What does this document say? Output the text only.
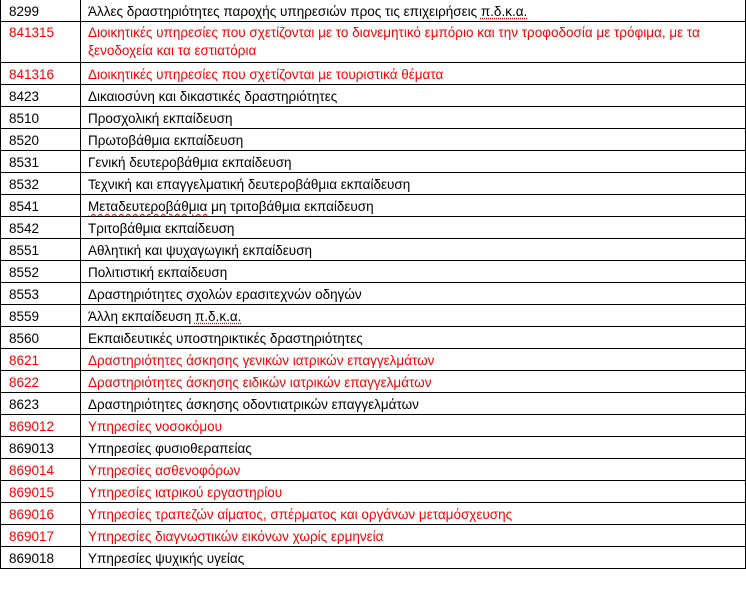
8299	Άλλες δραστηριότητες παροχής υπηρεσιών προς τις επιχειρήσεις π.δ.κ.α.
841315	Διοικητικές υπηρεσίες που σχετίζονται με το διανεμητικό εμπόριο και την τροφοδοσία με τρόφιμα, με τα ξενοδοχεία και τα εστιατόρια
841316	Διοικητικές υπηρεσίες που σχετίζονται με τουριστικά θέματα
8423	Δικαιοσύνη και δικαστικές δραστηριότητες
8510	Προσχολική εκπαίδευση
8520	Πρωτοβάθμια εκπαίδευση
8531	Γενική δευτεροβάθμια εκπαίδευση
8532	Τεχνική και επαγγελματική δευτεροβάθμια εκπαίδευση
8541	Μεταδευτεροβάθμια μη τριτοβάθμια εκπαίδευση
8542	Τριτοβάθμια εκπαίδευση
8551	Αθλητική και ψυχαγωγική εκπαίδευση
8552	Πολιτιστική εκπαίδευση
8553	Δραστηριότητες σχολών ερασιτεχνών οδηγών
8559	Άλλη εκπαίδευση π.δ.κ.α.
8560	Εκπαιδευτικές υποστηρικτικές δραστηριότητες
8621	Δραστηριότητες άσκησης γενικών ιατρικών επαγγελμάτων
8622	Δραστηριότητες άσκησης ειδικών ιατρικών επαγγελμάτων
8623	Δραστηριότητες άσκησης οδοντιατρικών επαγγελμάτων
869012	Υπηρεσίες νοσοκόμου
869013	Υπηρεσίες φυσιοθεραπείας
869014	Υπηρεσίες ασθενοφόρων
869015	Υπηρεσίες ιατρικού εργαστηρίου
869016	Υπηρεσίες τραπεζών αίματος, σπέρματος και οργάνων μεταμόσχευσης
869017	Υπηρεσίες διαγνωστικών εικόνων χωρίς ερμηνεία
869018	Υπηρεσίες ψυχικής υγείας
